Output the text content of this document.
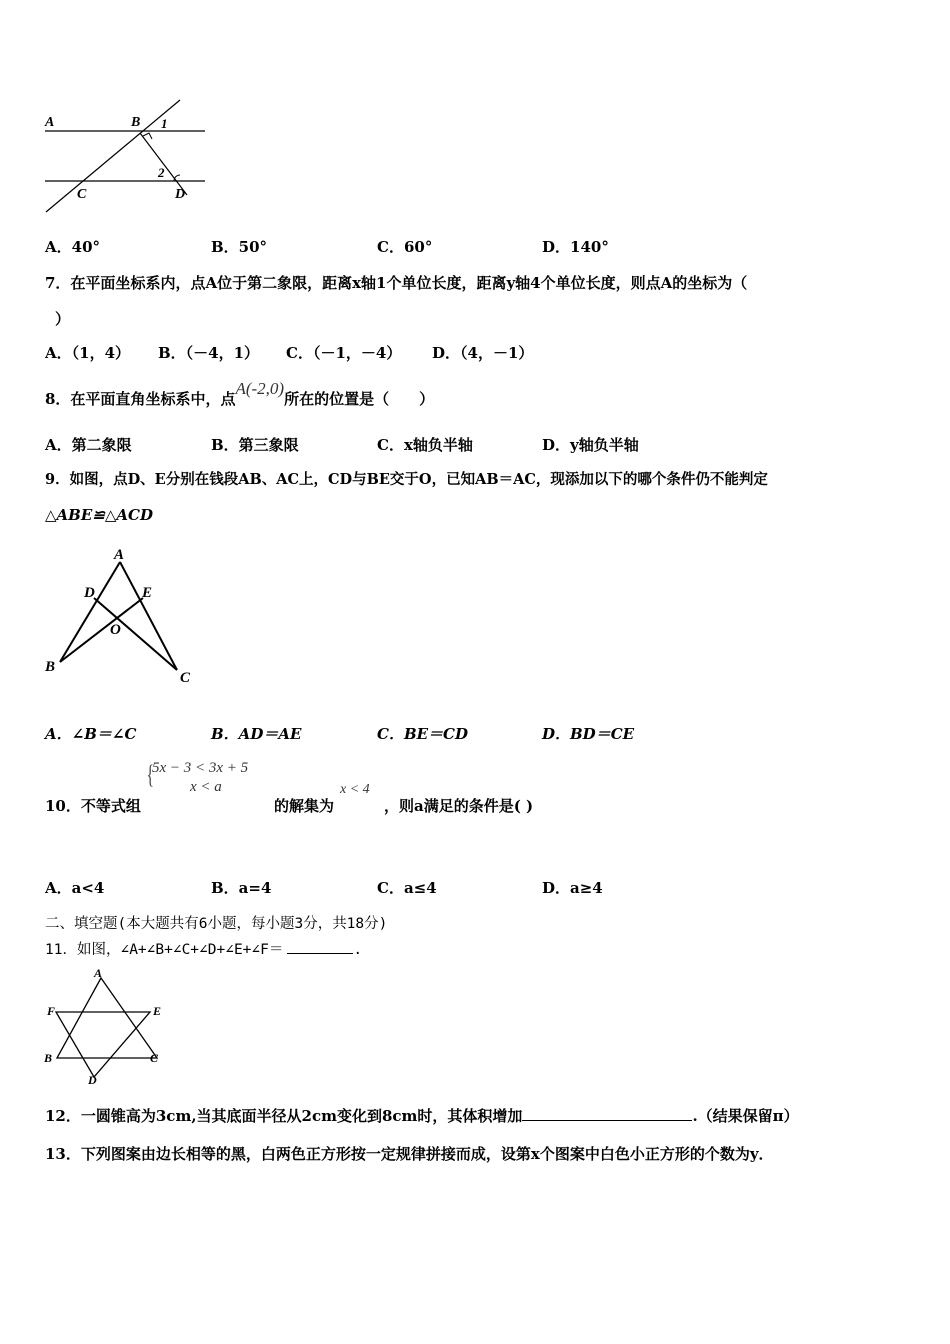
A	B
C	D
1
2
A．40°	B．50°	C．60°	D．140°
7．在平面坐标系内，点A位于第二象限，距离x轴1个单位长度，距离y轴4个单位长度，则点A的坐标为（
）
A．（1，4） B．（－4，1） C．（－1，－4） D．（4，－1）
8．在平面直角坐标系中，点A(-2,0)所在的位置是（　　）
A．第二象限	B．第三象限	C．x轴负半轴	D．y轴负半轴
9．如图，点D、E分别在钱段AB、AC上，CD与BE交于O，已知AB＝AC，现添加以下的哪个条件仍不能判定
△ABE≌△ACD
A
D	E
O
B
C
A．∠B＝∠C	B．AD＝AE	C．BE＝CD	D．BD＝CE
{
5x − 3 < 3x + 5
x < a
10．不等式组	的解集为
x < 4
，则a满足的条件是( )
A．a<4	B．a=4	C．a≤4	D．a≥4
二、填空题(本大题共有6小题，每小题3分，共18分)
11．如图，∠A+∠B+∠C+∠D+∠E+∠F＝	.
A
F	E
B	C
D
12．一圆锥高为3cm,当其底面半径从2cm变化到8cm时，其体积增加	.（结果保留π）
13．下列图案由边长相等的黑，白两色正方形按一定规律拼接而成，设第x个图案中白色小正方形的个数为y．
